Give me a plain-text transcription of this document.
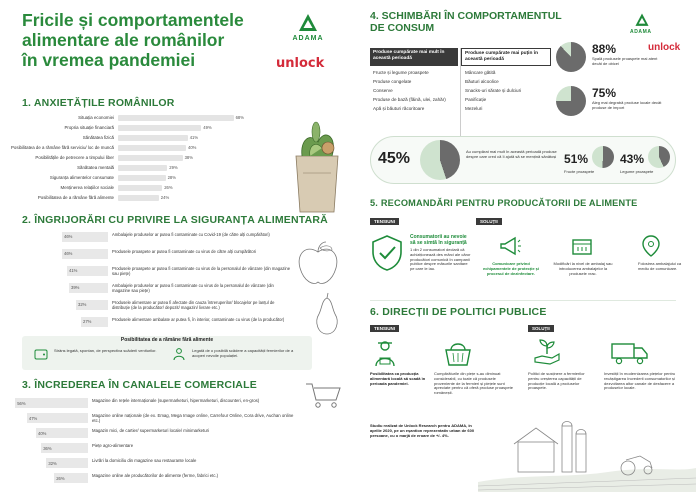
Fricile și comportamentele
alimentare ale românilor
în vremea pandemiei
ADAMA
unlock
1. ANXIETĂȚILE ROMÂNILOR
Situația economiei	68%
Propria situație financiară	49%
Sănătatea fizică	41%
Posibilitatea de a rămâne fără serviciu/ loc de muncă	40%
Posibilitățile de petrecere a timpului liber	38%
Sănătatea mentală	29%
Siguranța alimentelor consumate	28%
Menținerea relațiilor sociale	26%
Posibilitatea de a rămâne fără alimente	24%
2. ÎNGRIJORĂRI CU PRIVIRE LA SIGURANȚA ALIMENTARĂ
46%	Ambalajele produselor ar putea fi contaminate cu Covid-19 (de către alți cumpărători)
46%	Produsele proaspete ar putea fi contaminate cu virus de către alți cumpărători
41%	Produsele proaspete ar putea fi contaminate cu virus de la personalul de vânzare (din magazine sau piețe)
39%	Ambalajele produselor ar putea fi contaminate cu virus de la personalul de vânzare (din magazine sau piețe)
32%	Produsele alimentare ar putea fi afectate din cauza întreruperilor/ blocajelor pe lanțul de distribuție (de la producător/ depozit/ magazin/ livrare etc.)
27%	Produsele alimentare ambalate ar putea fi, în interior, contaminate cu virus (de la producător)
Posibilitatea de a rămâne fără alimente
Strâns legată, spontan, de perspectiva scăderii veniturilor.	Legată de o posibilă scădere a capacității fermierilor de a acoperi nevoile populației.
3. ÎNCREDEREA ÎN CANALELE COMERCIALE
56%	Magazine din rețele internaționale (supermarketuri, hipermarketuri, discounteri, en-gros)
47%	Magazine online naționale (de ex. Emag, Mega Image online, Carrefour Online, Cora drive, Auchan online etc.)
40%	Magazin mici, de cartier/ supermarketuri locale/ minimarketuri
36%	Piețe agro-alimentare
32%	Livrări la domiciliu din magazine sau restaurante locale
26%	Magazine online ale producătorilor de alimente (ferme, fabrici etc.)
4. SCHIMBĂRI ÎN COMPORTAMENTUL
DE CONSUM	ADAMA
unlock
Produse cumpărate mai mult în această perioadă
Fructe și legume proaspete
Produse congelate
Conserve
Produse de bază (făină, ulei, zahăr)
Apă și băuturi răcoritoare
Produse cumpărate mai puțin în această perioadă
Mâncare gătită
Băuturi alcoolice
Snacks-uri sărate și dulciuri
Panificație
Mezeluri
88%
Spală produsele proaspete mai atent decât de obicei
75%
Aleg mai degrabă produse locale decât produse de import
45%	Au cumpărat mai mult în această perioadă produse despre care cred că îi ajută să se mențină sănătoși 51%
Fructe proaspete
43%
Legume proaspete
5. RECOMANDĂRI PENTRU PRODUCĂTORII DE ALIMENTE
TENSIUNI	SOLUȚII
Consumatorii au nevoie să se simtă în siguranță
1 din 2 consumatori declară că achiziționează des mărci ale căror producători comunică în campanii publice despre măsurile sanitare pe care le iau.
Comunicare privind echipamentele de protecție și procesul de dezinfectare.
Modificări la nivel de ambalaj sau introducerea ambalajelor la produsele vrac.
Folosirea ambalajului ca mediu de comunicare.
6. DIRECȚII DE POLITICI PUBLICE
TENSIUNI	SOLUȚII
Posibilitatea ca producția alimentară locală să scadă în perioada pandemiei.
Cumpărăturile din piețe s-au diminuat considerabil, cu toate că produsele proveniente de la fermieri și piețele sunt apreciate pentru că oferă produse proaspete românești.
Politici de susținere a fermierilor pentru creșterea capacității de producție locală a produselor proaspete.
Investiții în modernizarea piețelor pentru recâștigarea încrederii consumatorilor și dezvoltarea altor canale de desfacere a produselor locale.
Studiu realizat de Unlock Research pentru ADAMA, în aprilie 2020, pe un eșantion reprezentativ urban de 600 persoane, cu o marjă de eroare de +/- 4%.
